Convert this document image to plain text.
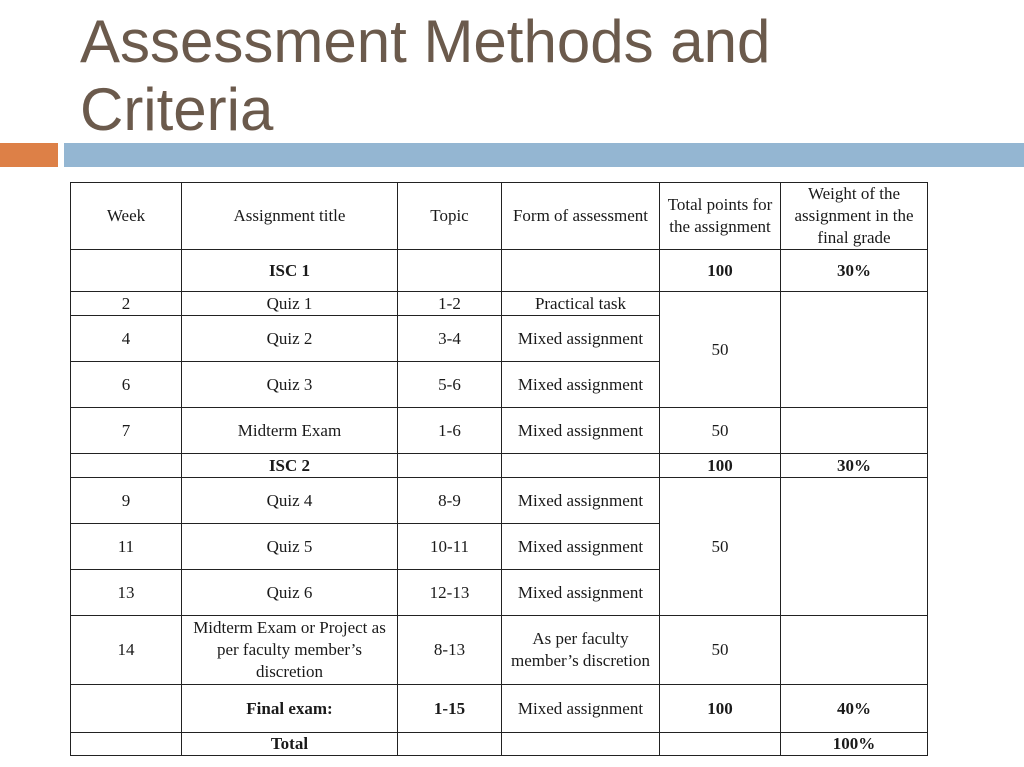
Assessment Methods and
Criteria
Week	Assignment title	Topic	Form of assessment	Total points for the assignment	Weight of the assignment in the final grade
	ISC 1			100	30%
2	Quiz 1	1-2	Practical task	50	
4	Quiz 2	3-4	Mixed assignment		
6	Quiz 3	5-6	Mixed assignment		
7	Midterm Exam	1-6	Mixed assignment	50	
	ISC 2			100	30%
9	Quiz 4	8-9	Mixed assignment	50	
11	Quiz 5	10-11	Mixed assignment		
13	Quiz 6	12-13	Mixed assignment		
14	Midterm Exam or Project as per faculty member’s discretion	8-13	As per faculty member’s discretion	50	
	Final exam:	1-15	Mixed assignment	100	40%
	Total				100%
